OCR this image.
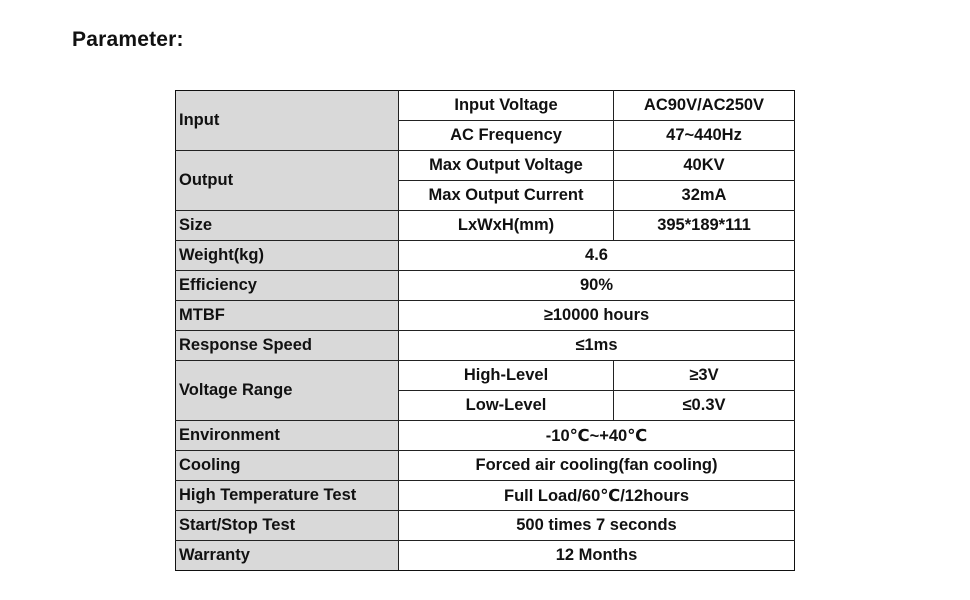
Parameter:
Input	Input Voltage	AC90V/AC250V
	AC Frequency	47~440Hz
Output	Max Output Voltage	40KV
	Max Output Current	32mA
Size	LxWxH(mm)	395*189*111
Weight(kg)	4.6	
Efficiency	90%	
MTBF	≥10000 hours	
Response Speed	≤1ms	
Voltage Range	High-Level	≥3V
	Low-Level	≤0.3V
Environment	-10℃~+40℃	
Cooling	Forced air cooling(fan cooling)	
High Temperature Test	Full Load/60℃/12hours	
Start/Stop Test	500 times 7 seconds	
Warranty	12 Months	
